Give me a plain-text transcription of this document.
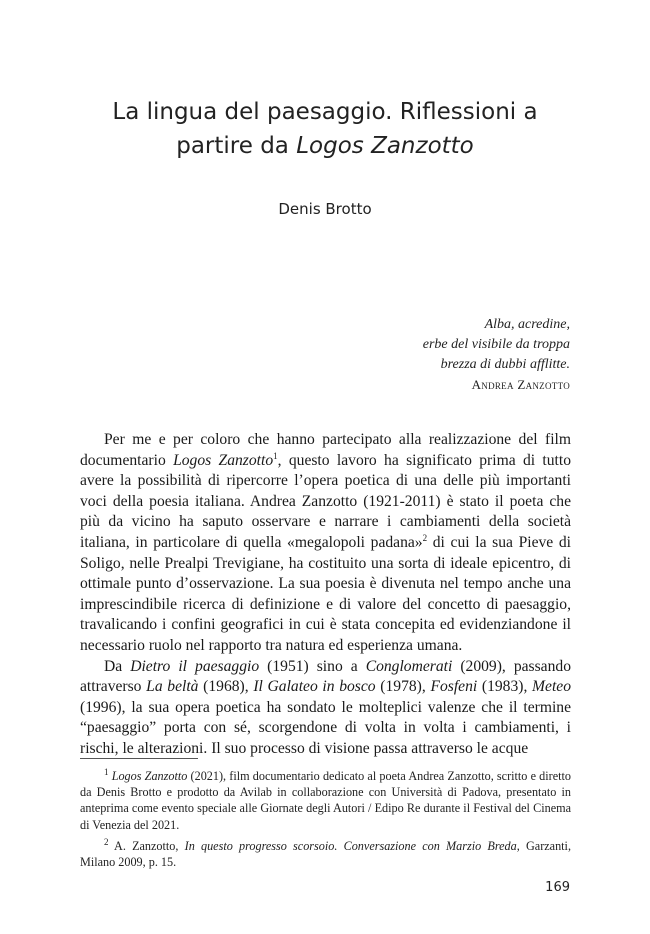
La lingua del paesaggio. Riflessioni a
partire da Logos Zanzotto
Denis Brotto
Alba, acredine,
erbe del visibile da troppa
brezza di dubbi afflitte.
Andrea Zanzotto

Per me e per coloro che hanno partecipato alla realizzazione del film documentario Logos Zanzotto$^1$, questo lavoro ha significato prima di tutto avere la possibilità di ripercorre l’opera poetica di una delle più importanti voci della poesia italiana. Andrea Zanzotto (1921-2011) è stato il poeta che più da vicino ha saputo osservare e narrare i cambiamenti della società italiana, in particolare di quella «megalopoli padana»$^2$ di cui la sua Pieve di Soligo, nelle Prealpi Trevigiane, ha costituito una sorta di ideale epicentro, di ottimale punto d’osservazione. La sua poesia è divenuta nel tempo anche una imprescindibile ricerca di definizione e di valore del concetto di paesaggio, travalicando i confini geografici in cui è stata concepita ed evidenziandone il necessario ruolo nel rapporto tra natura ed esperienza umana.

Da Dietro il paesaggio (1951) sino a Conglomerati (2009), passando attraverso La beltà (1968), Il Galateo in bosco (1978), Fosfeni (1983), Meteo (1996), la sua opera poetica ha sondato le molteplici valenze che il termine “paesaggio” porta con sé, scorgendone di volta in volta i cambiamenti, i rischi, le alterazioni. Il suo processo di visione passa attraverso le acque

$^1$ Logos Zanzotto (2021), film documentario dedicato al poeta Andrea Zanzotto, scritto e diretto da Denis Brotto e prodotto da Avilab in collaborazione con Università di Padova, presentato in anteprima come evento speciale alle Giornate degli Autori / Edipo Re durante il Festival del Cinema di Venezia del 2021.

$^2$ A. Zanzotto, In questo progresso scorsoio. Conversazione con Marzio Breda, Garzanti, Milano 2009, p. 15.

169
